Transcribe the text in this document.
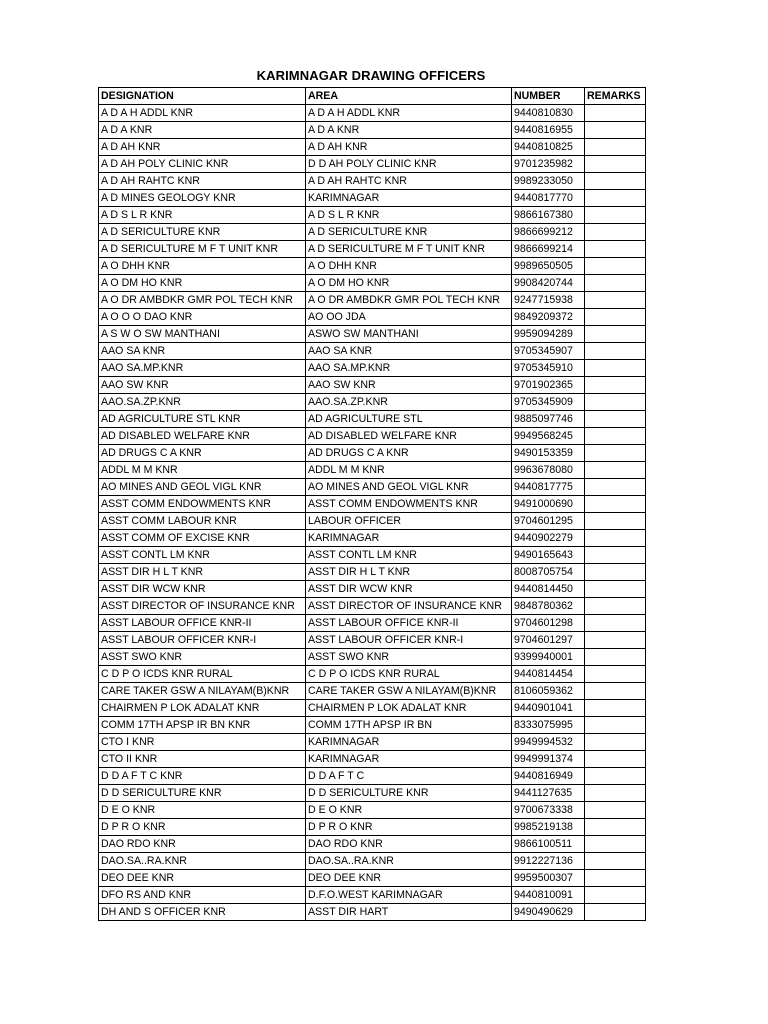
KARIMNAGAR DRAWING OFFICERS
DESIGNATION	AREA	NUMBER	REMARKS
A D A H ADDL KNR	A D A H ADDL KNR	9440810830	
A D A KNR	A D A KNR	9440816955	
A D AH KNR	A D AH KNR	9440810825	
A D AH POLY CLINIC KNR	D D AH POLY CLINIC KNR	9701235982	
A D AH RAHTC KNR	A D AH RAHTC KNR	9989233050	
A D MINES GEOLOGY KNR	KARIMNAGAR	9440817770	
A D S L R KNR	A D S L R KNR	9866167380	
A D SERICULTURE KNR	A D SERICULTURE KNR	9866699212	
A D SERICULTURE M F T UNIT KNR	A D SERICULTURE M F T UNIT KNR	9866699214	
A O DHH KNR	A O DHH KNR	9989650505	
A O DM HO KNR	A O DM HO KNR	9908420744	
A O DR AMBDKR GMR POL TECH KNR	A O DR AMBDKR GMR POL TECH KNR	9247715938	
A O O O DAO KNR	AO OO JDA	9849209372	
A S W O SW MANTHANI	ASWO SW MANTHANI	9959094289	
AAO SA KNR	AAO SA KNR	9705345907	
AAO SA.MP.KNR	AAO SA.MP.KNR	9705345910	
AAO SW KNR	AAO SW KNR	9701902365	
AAO.SA.ZP.KNR	AAO.SA.ZP.KNR	9705345909	
AD AGRICULTURE STL KNR	AD AGRICULTURE STL	9885097746	
AD DISABLED WELFARE KNR	AD DISABLED WELFARE KNR	9949568245	
AD DRUGS C A KNR	AD DRUGS C A KNR	9490153359	
ADDL M M KNR	ADDL M M KNR	9963678080	
AO MINES AND GEOL VIGL KNR	AO MINES AND GEOL VIGL KNR	9440817775	
ASST COMM ENDOWMENTS KNR	ASST COMM ENDOWMENTS KNR	9491000690	
ASST COMM LABOUR KNR	LABOUR OFFICER	9704601295	
ASST COMM OF EXCISE KNR	KARIMNAGAR	9440902279	
ASST CONTL LM KNR	ASST CONTL LM KNR	9490165643	
ASST DIR H L T KNR	ASST DIR H L T KNR	8008705754	
ASST DIR WCW KNR	ASST DIR WCW KNR	9440814450	
ASST DIRECTOR OF INSURANCE KNR	ASST DIRECTOR OF INSURANCE KNR	9848780362	
ASST LABOUR OFFICE KNR-II	ASST LABOUR OFFICE KNR-II	9704601298	
ASST LABOUR OFFICER KNR-I	ASST LABOUR OFFICER KNR-I	9704601297	
ASST SWO KNR	ASST SWO KNR	9399940001	
C D P O ICDS KNR RURAL	C D P O ICDS KNR RURAL	9440814454	
CARE TAKER GSW A NILAYAM(B)KNR	CARE TAKER GSW A NILAYAM(B)KNR	8106059362	
CHAIRMEN P LOK ADALAT KNR	CHAIRMEN P LOK ADALAT KNR	9440901041	
COMM 17TH APSP IR BN KNR	COMM 17TH APSP IR BN	8333075995	
CTO I KNR	KARIMNAGAR	9949994532	
CTO II KNR	KARIMNAGAR	9949991374	
D D A F T C KNR	D D A F T C	9440816949	
D D SERICULTURE KNR	D D SERICULTURE KNR	9441127635	
D E O KNR	D E O KNR	9700673338	
D P R O KNR	D P R O KNR	9985219138	
DAO RDO KNR	DAO RDO KNR	9866100511	
DAO.SA..RA.KNR	DAO.SA..RA.KNR	9912227136	
DEO DEE KNR	DEO DEE KNR	9959500307	
DFO RS AND KNR	D.F.O.WEST KARIMNAGAR	9440810091	
DH AND S OFFICER KNR	ASST DIR HART	9490490629	
